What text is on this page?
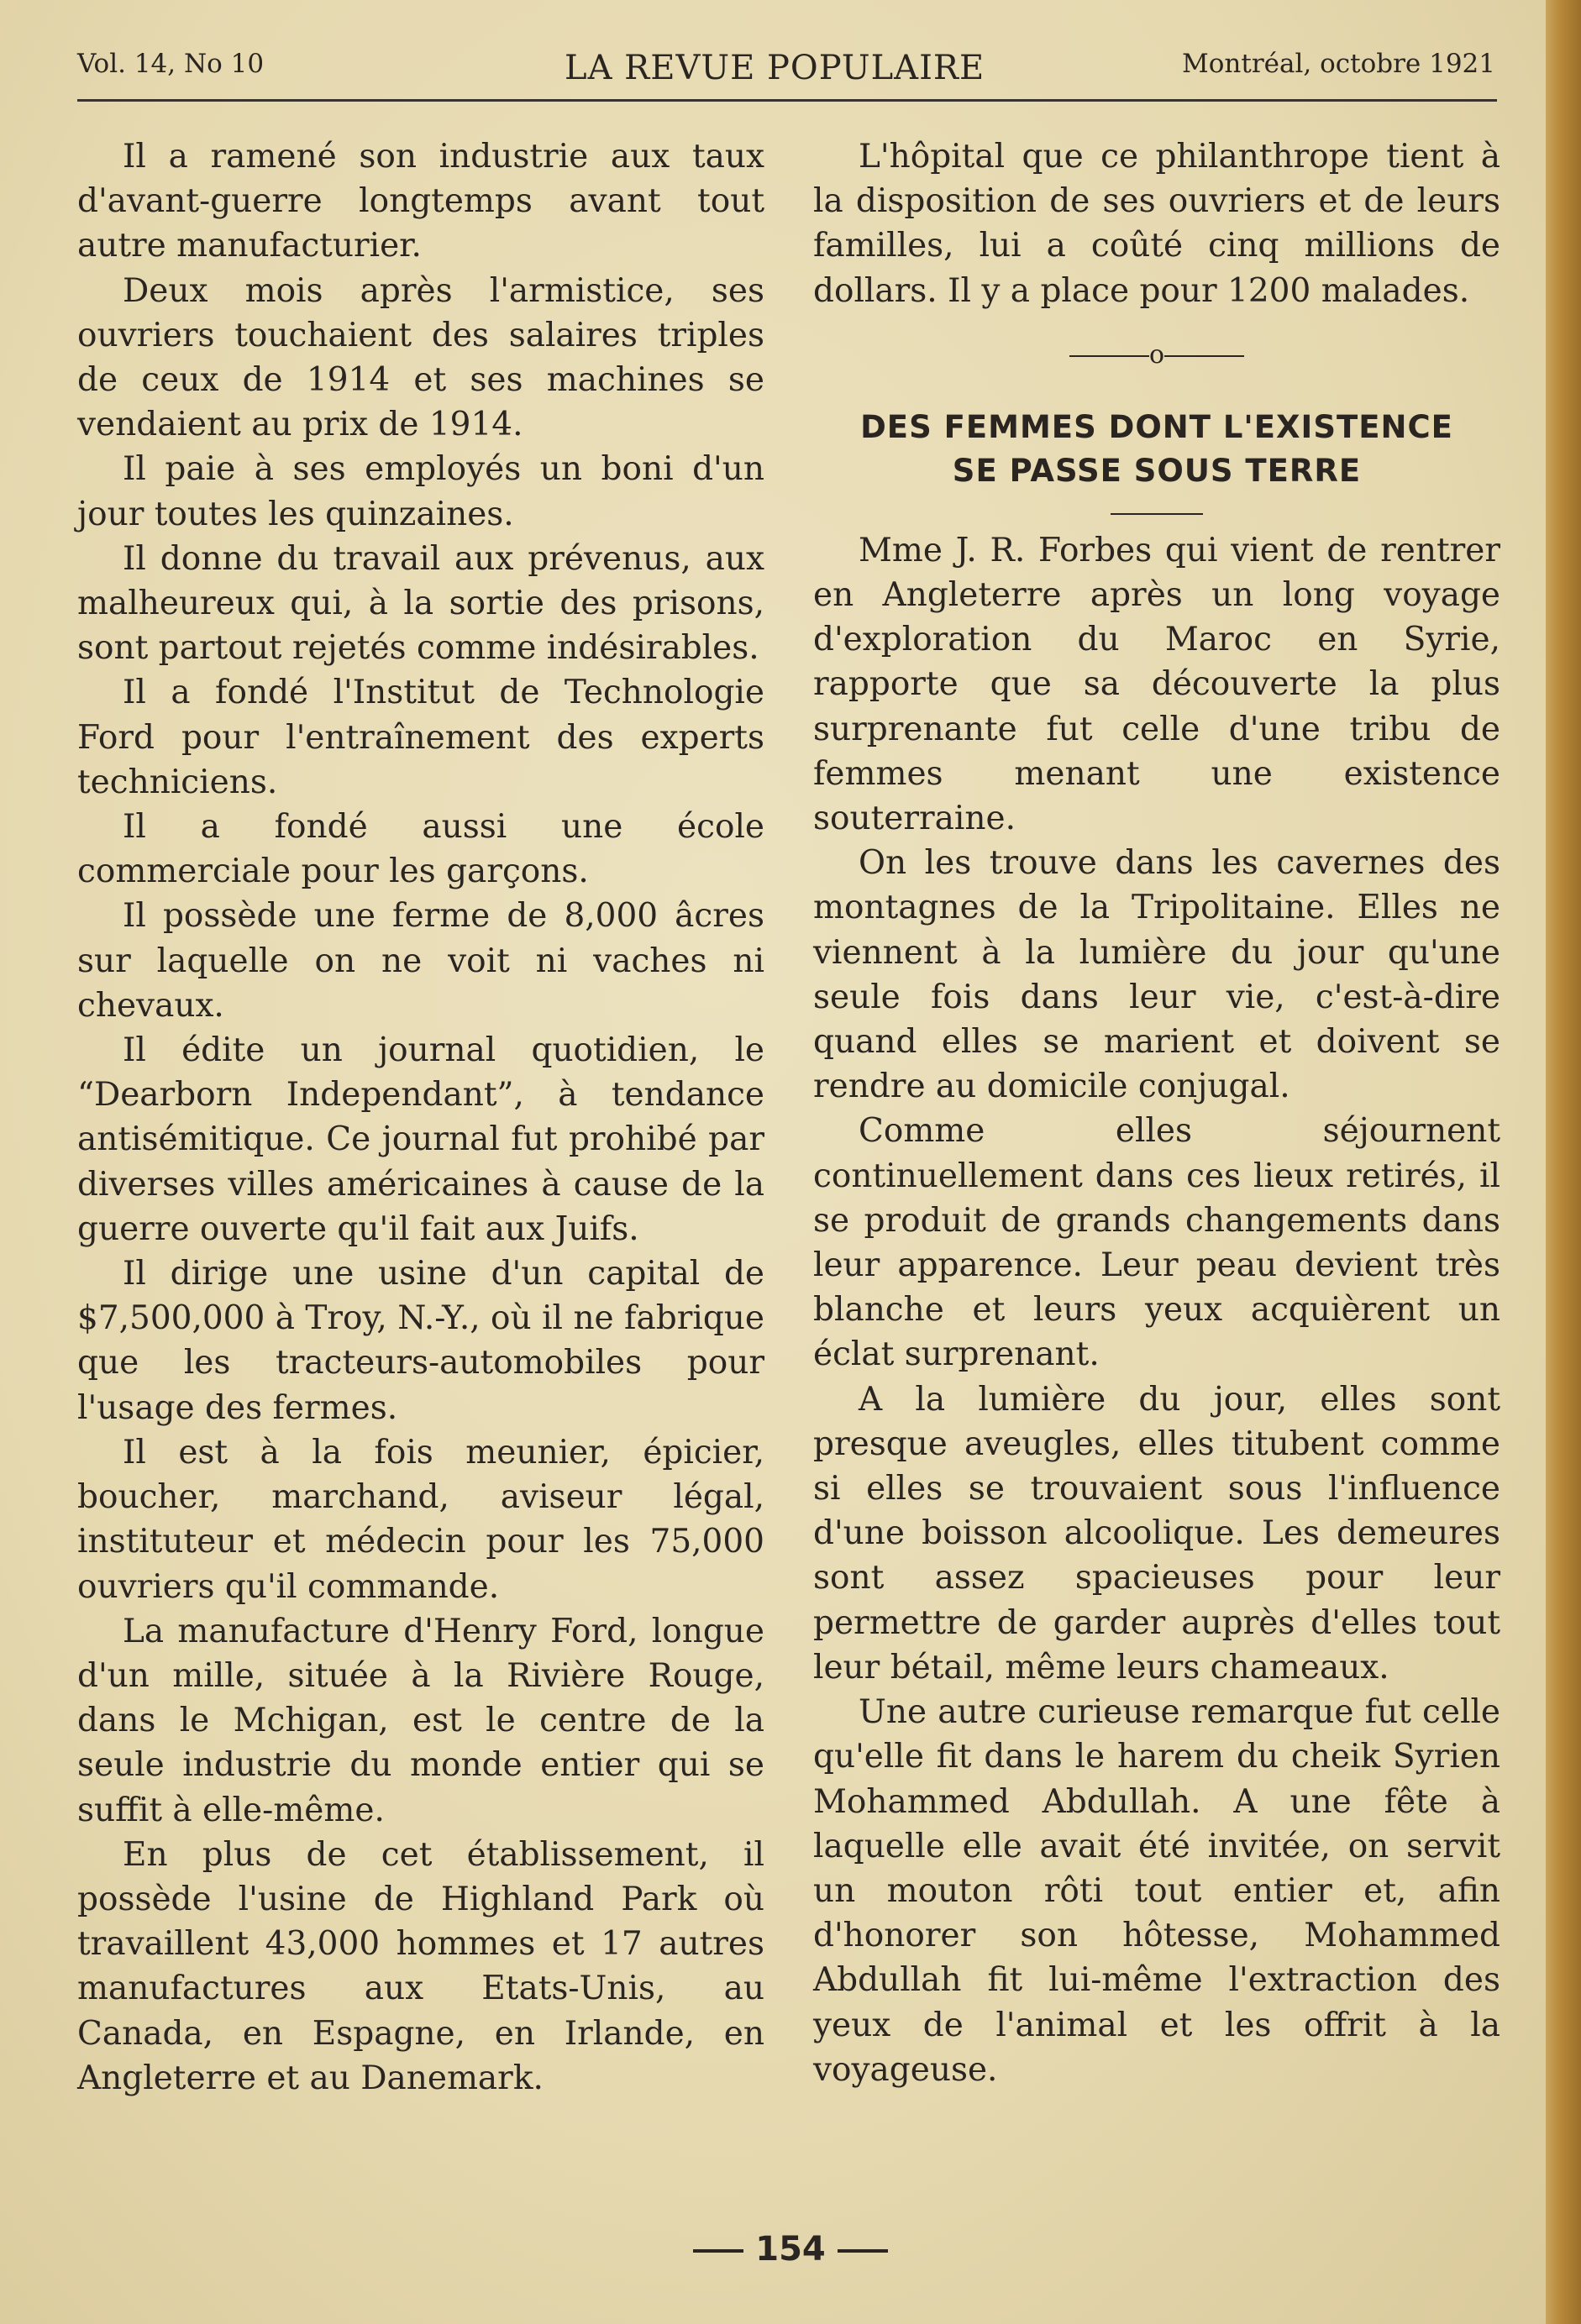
Vol. 14, No 10	LA REVUE POPULAIRE	Montréal, octobre 1921

Il a ramené son industrie aux taux d'avant-guerre longtemps avant tout autre manufacturier.

Deux mois après l'armistice, ses ouvriers touchaient des salaires triples de ceux de 1914 et ses machines se vendaient au prix de 1914.

Il paie à ses employés un boni d'un jour toutes les quinzaines.

Il donne du travail aux prévenus, aux malheureux qui, à la sortie des prisons, sont partout rejetés comme indésirables.

Il a fondé l'Institut de Technologie Ford pour l'entraînement des experts techniciens.

Il a fondé aussi une école commerciale pour les garçons.

Il possède une ferme de 8,000 âcres sur laquelle on ne voit ni vaches ni chevaux.

Il édite un journal quotidien, le “Dearborn Independant”, à tendance antisémitique. Ce journal fut prohibé par diverses villes américaines à cause de la guerre ouverte qu'il fait aux Juifs.

Il dirige une usine d'un capital de $7,500,000 à Troy, N.-Y., où il ne fabrique que les tracteurs-automobiles pour l'usage des fermes.

Il est à la fois meunier, épicier, boucher, marchand, aviseur légal, instituteur et médecin pour les 75,000 ouvriers qu'il commande.

La manufacture d'Henry Ford, longue d'un mille, située à la Rivière Rouge, dans le Mchigan, est le centre de la seule industrie du monde entier qui se suffit à elle-même.

En plus de cet établissement, il possède l'usine de Highland Park où travaillent 43,000 hommes et 17 autres manufactures aux Etats-Unis, au Canada, en Espagne, en Irlande, en Angleterre et au Danemark.

L'hôpital que ce philanthrope tient à la disposition de ses ouvriers et de leurs familles, lui a coûté cinq millions de dollars. Il y a place pour 1200 malades.

o
DES FEMMES DONT L'EXISTENCE
SE PASSE SOUS TERRE

Mme J. R. Forbes qui vient de rentrer en Angleterre après un long voyage d'exploration du Maroc en Syrie, rapporte que sa découverte la plus surprenante fut celle d'une tribu de femmes menant une existence souterraine.

On les trouve dans les cavernes des montagnes de la Tripolitaine. Elles ne viennent à la lumière du jour qu'une seule fois dans leur vie, c'est-à-dire quand elles se marient et doivent se rendre au domicile conjugal.

Comme elles séjournent continuellement dans ces lieux retirés, il se produit de grands changements dans leur apparence. Leur peau devient très blanche et leurs yeux acquièrent un éclat surprenant.

A la lumière du jour, elles sont presque aveugles, elles titubent comme si elles se trouvaient sous l'influence d'une boisson alcoolique. Les demeures sont assez spacieuses pour leur permettre de garder auprès d'elles tout leur bétail, même leurs chameaux.

Une autre curieuse remarque fut celle qu'elle fit dans le harem du cheik Syrien Mohammed Abdullah. A une fête à laquelle elle avait été invitée, on servit un mouton rôti tout entier et, afin d'honorer son hôtesse, Mohammed Abdullah fit lui-même l'extraction des yeux de l'animal et les offrit à la voyageuse.

154
